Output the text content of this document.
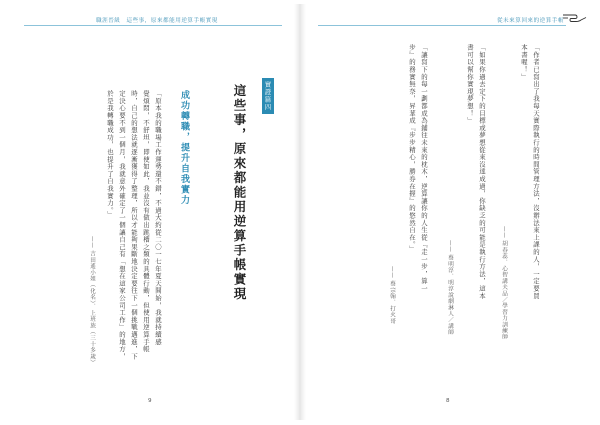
職涯晉級　這些事，原來都能用逆算手帳實現
實證篇四
這些事，原來都能用逆算手帳實現
成功轉職，提升自我實力
「原本我的職場工作運勢還不錯，不過大約從二〇一七年夏天開始，我就持續感
覺煩悶，不舒坦，即使如此，我並沒有做出跳槽之類的具體行動，但使用逆算手帳
時，自己的想法就逐漸獲得了整理，所以才能夠果斷地決定要往下一個挑戰邁進，下
定決心要不到一個月，我就意外確定了一個讓自己有「想在這家公司工作」的地方，
於是我轉職成功，也提升了自我實力。」
—— 吉田遙小姐（化名）．上班族（三十多歲）
9
從未來算回來的逆算手帳
「作者已寫出了我每天實際執行的時間管理方法，沒辦法來上課的人，一定要買
本書喔！」
—— 胡春蕊．心智講夫品／學習力訓練師
「如果你過去定下的目標或夢想從來沒達成過，你缺乏的可能是執行方法，這本
書可以幫你實現夢想！」
—— 蔡明淳．明淳說劇淋人／講師
「讓寫下的每一劃都成為鋪往未來的枕木，逆算讓你的人生從『走一步，算一
步』的務實無奈，昇華成『步步精心，勝券在握』的悠然自在。」
—— 蔡宗翰．打火哥
8
